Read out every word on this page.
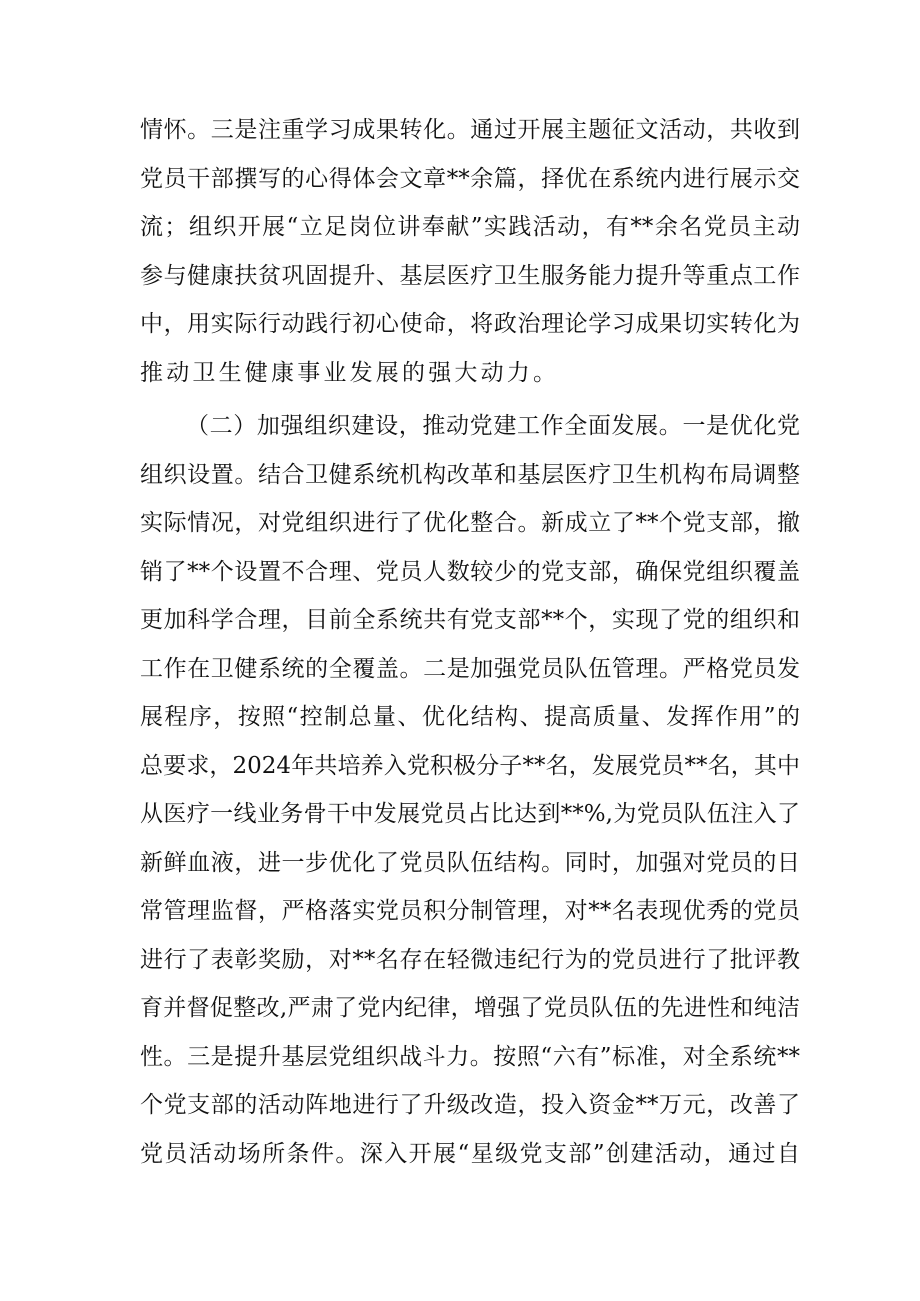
情怀。三是注重学习成果转化。通过开展主题征文活动，共收到
党员干部撰写的心得体会文章**余篇，择优在系统内进行展示交
流；组织开展“立足岗位讲奉献”实践活动，有**余名党员主动
参与健康扶贫巩固提升、基层医疗卫生服务能力提升等重点工作
中，用实际行动践行初心使命，将政治理论学习成果切实转化为
推动卫生健康事业发展的强大动力。
（二）加强组织建设，推动党建工作全面发展。一是优化党
组织设置。结合卫健系统机构改革和基层医疗卫生机构布局调整
实际情况，对党组织进行了优化整合。新成立了**个党支部，撤
销了**个设置不合理、党员人数较少的党支部，确保党组织覆盖
更加科学合理，目前全系统共有党支部**个，实现了党的组织和
工作在卫健系统的全覆盖。二是加强党员队伍管理。严格党员发
展程序，按照“控制总量、优化结构、提高质量、发挥作用”的
总要求，2024年共培养入党积极分子**名，发展党员**名，其中
从医疗一线业务骨干中发展党员占比达到**%,为党员队伍注入了
新鲜血液，进一步优化了党员队伍结构。同时，加强对党员的日
常管理监督，严格落实党员积分制管理，对**名表现优秀的党员
进行了表彰奖励，对**名存在轻微违纪行为的党员进行了批评教
育并督促整改,严肃了党内纪律，增强了党员队伍的先进性和纯洁
性。三是提升基层党组织战斗力。按照“六有”标准，对全系统**
个党支部的活动阵地进行了升级改造，投入资金**万元，改善了
党员活动场所条件。深入开展“星级党支部”创建活动，通过自
